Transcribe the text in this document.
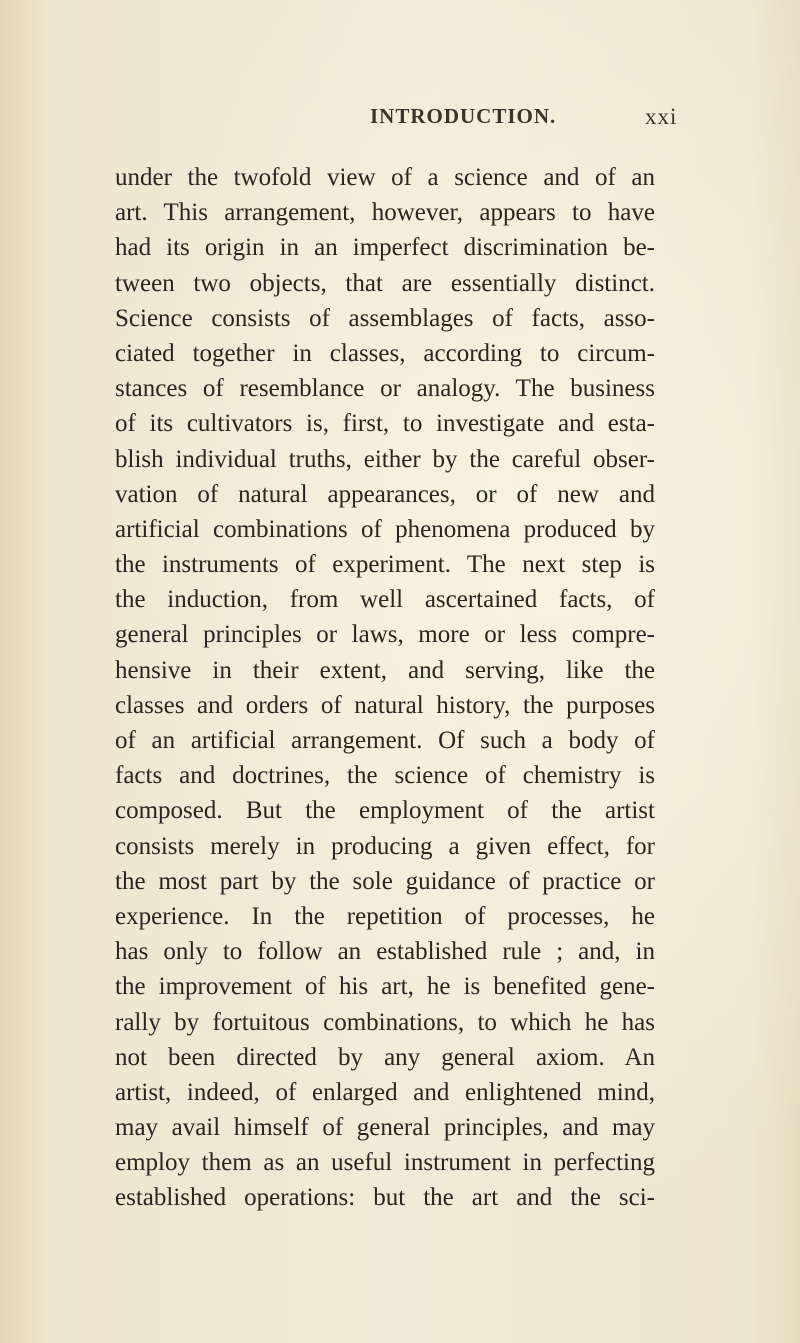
INTRODUCTION.	xxi
under the twofold view of a science and of an
art. This arrangement, however, appears to have
had its origin in an imperfect discrimination be-
tween two objects, that are essentially distinct.
Science consists of assemblages of facts, asso-
ciated together in classes, according to circum-
stances of resemblance or analogy. The business
of its cultivators is, first, to investigate and esta-
blish individual truths, either by the careful obser-
vation of natural appearances, or of new and
artificial combinations of phenomena produced by
the instruments of experiment. The next step is
the induction, from well ascertained facts, of
general principles or laws, more or less compre-
hensive in their extent, and serving, like the
classes and orders of natural history, the purposes
of an artificial arrangement. Of such a body of
facts and doctrines, the science of chemistry is
composed. But the employment of the artist
consists merely in producing a given effect, for
the most part by the sole guidance of practice or
experience. In the repetition of processes, he
has only to follow an established rule ; and, in
the improvement of his art, he is benefited gene-
rally by fortuitous combinations, to which he has
not been directed by any general axiom. An
artist, indeed, of enlarged and enlightened mind,
may avail himself of general principles, and may
employ them as an useful instrument in perfecting
established operations: but the art and the sci-
